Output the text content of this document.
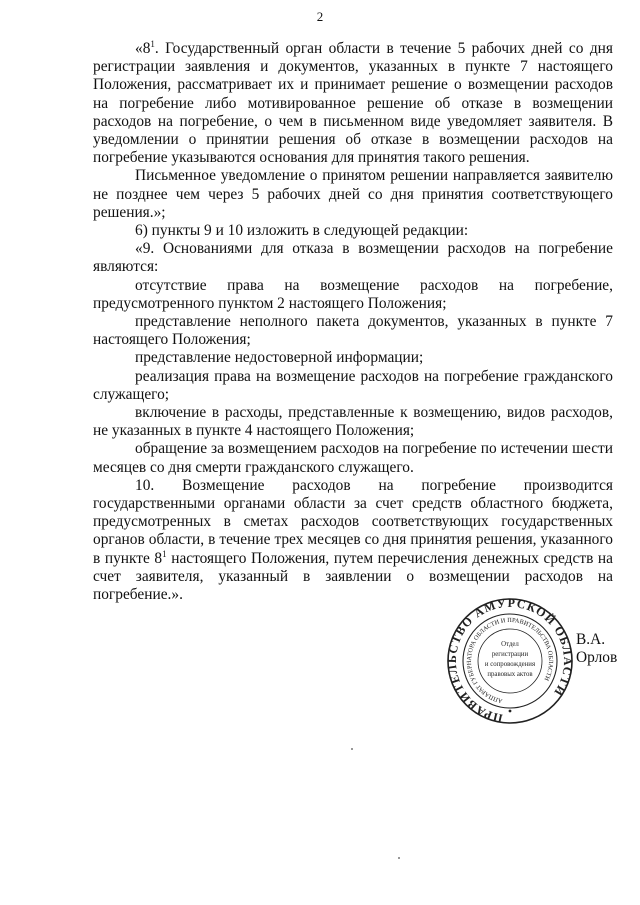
2

«$8^1$. Государственный орган области в течение 5 рабочих дней со дня регистрации заявления и документов, указанных в пункте 7 настоящего Положения, рассматривает их и принимает решение о возмещении расходов на погребение либо мотивированное решение об отказе в возмещении расходов на погребение, о чем в письменном виде уведомляет заявителя. В уведомлении о принятии решения об отказе в возмещении расходов на погребение указываются основания для принятия такого решения.

Письменное уведомление о принятом решении направляется заявителю не позднее чем через 5 рабочих дней со дня принятия соответствующего решения.»;

6) пункты 9 и 10 изложить в следующей редакции:

«9. Основаниями для отказа в возмещении расходов на погребение являются:

отсутствие права на возмещение расходов на погребение, предусмотренного пунктом 2 настоящего Положения;

представление неполного пакета документов, указанных в пункте 7 настоящего Положения;

представление недостоверной информации;

реализация права на возмещение расходов на погребение гражданского служащего;

включение в расходы, представленные к возмещению, видов расходов, не указанных в пункте 4 настоящего Положения;

обращение за возмещением расходов на погребение по истечении шести месяцев со дня смерти гражданского служащего.

10. Возмещение расходов на погребение производится государственными органами области за счет средств областного бюджета, предусмотренных в сметах расходов соответствующих государственных органов области, в течение трех месяцев со дня принятия решения, указанного в пункте $8^1$ настоящего Положения, путем перечисления денежных средств на счет заявителя, указанный в заявлении о возмещении расходов на погребение.».

ПРАВИТЕЛЬСТВО АМУРСКОЙ ОБЛАСТИ
АППАРАТ ГУБЕРНАТОРА ОБЛАСТИ И ПРАВИТЕЛЬСТВА ОБЛАСТИ
Отдел
регистрации
и сопровождения
правовых актов
В.А. Орлов
